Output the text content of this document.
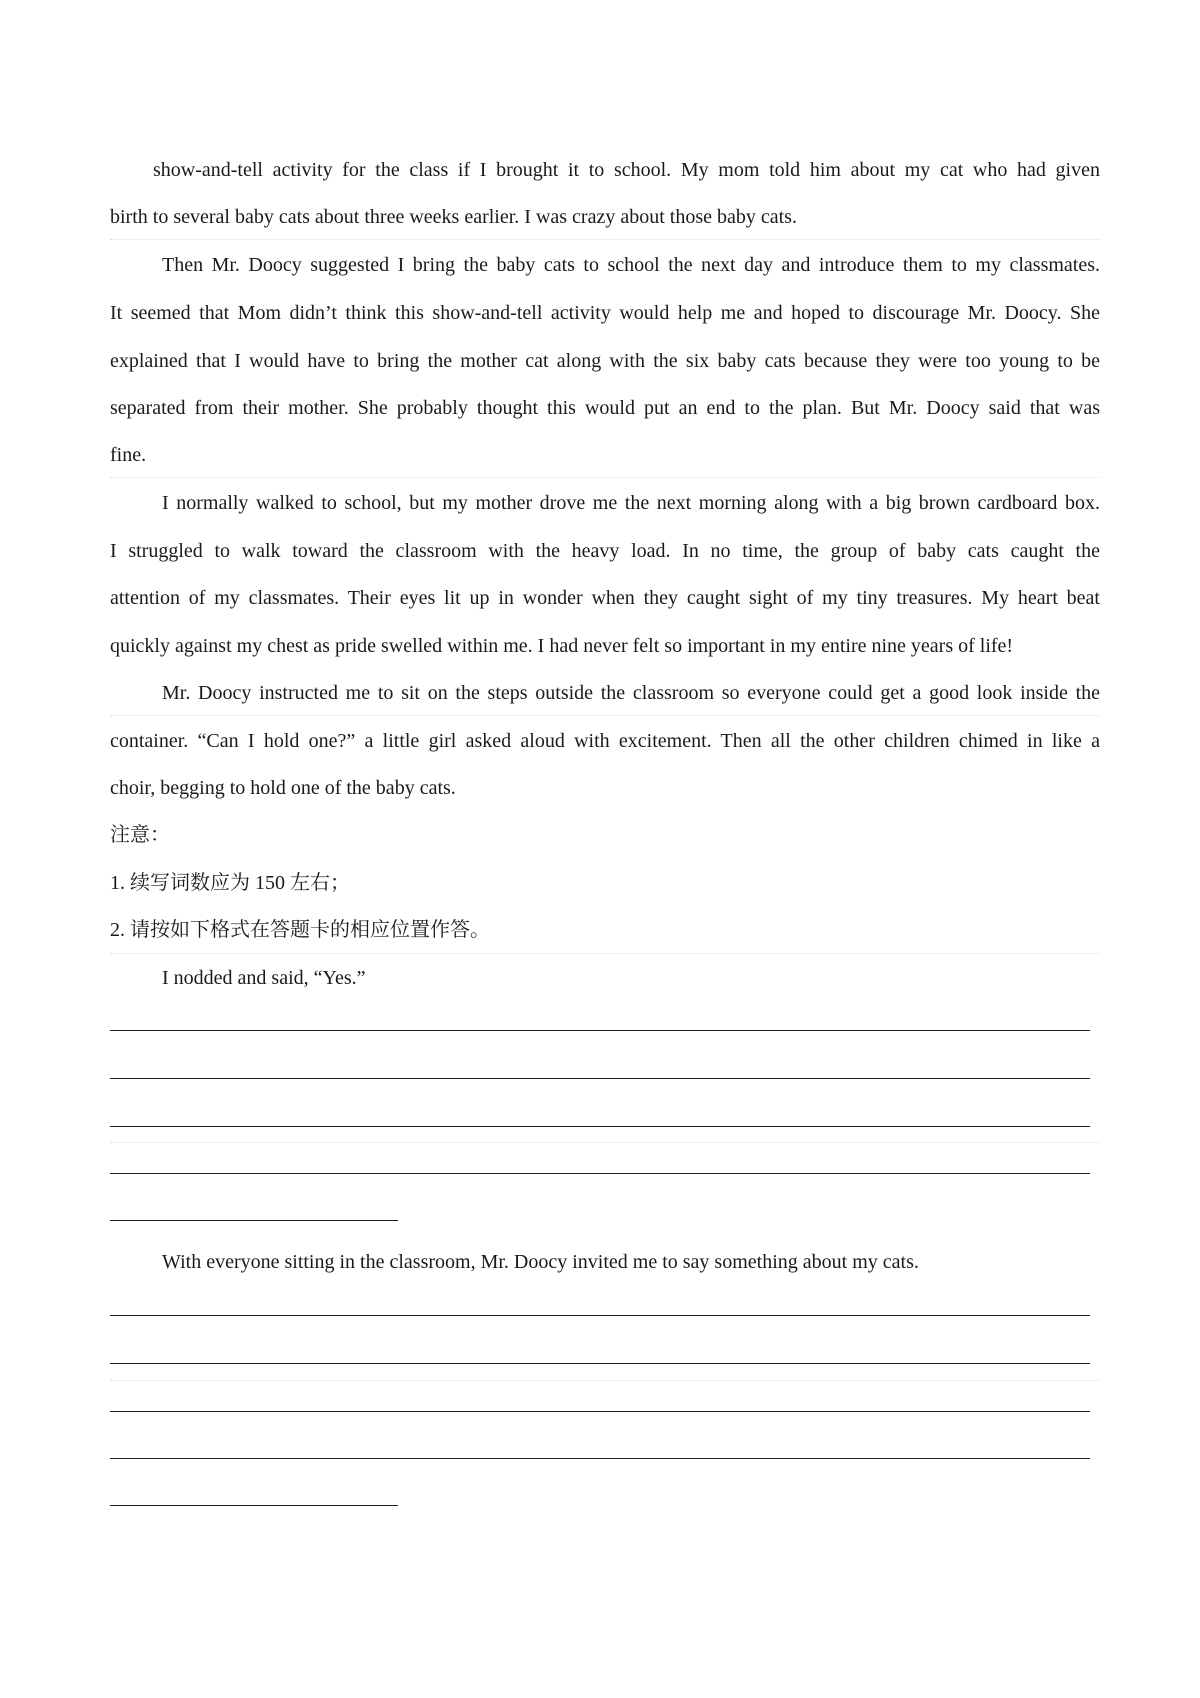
show-and-tell activity for the class if I brought it to school. My mom told him about my cat who had given
birth to several baby cats about three weeks earlier. I was crazy about those baby cats.
Then Mr. Doocy suggested I bring the baby cats to school the next day and introduce them to my classmates.
It seemed that Mom didn’t think this show-and-tell activity would help me and hoped to discourage Mr. Doocy. She
explained that I would have to bring the mother cat along with the six baby cats because they were too young to be
separated from their mother. She probably thought this would put an end to the plan. But Mr. Doocy said that was
fine.
I normally walked to school, but my mother drove me the next morning along with a big brown cardboard box.
I struggled to walk toward the classroom with the heavy load. In no time, the group of baby cats caught the
attention of my classmates. Their eyes lit up in wonder when they caught sight of my tiny treasures. My heart beat
quickly against my chest as pride swelled within me. I had never felt so important in my entire nine years of life!
Mr. Doocy instructed me to sit on the steps outside the classroom so everyone could get a good look inside the
container. “Can I hold one?” a little girl asked aloud with excitement. Then all the other children chimed in like a
choir, begging to hold one of the baby cats.
注意：
1. 续写词数应为 150 左右；
2. 请按如下格式在答题卡的相应位置作答。
I nodded and said, “Yes.”
With everyone sitting in the classroom, Mr. Doocy invited me to say something about my cats.
